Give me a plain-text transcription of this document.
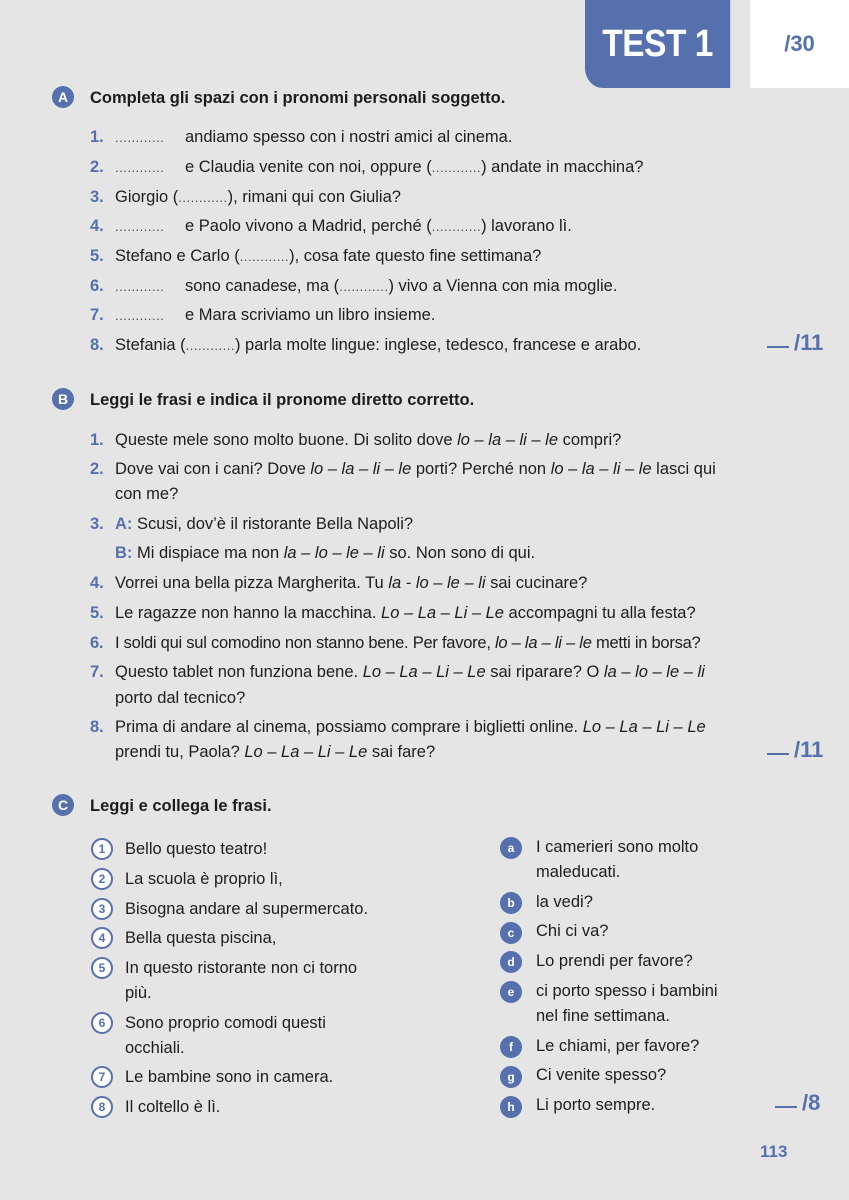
TEST 1	/30
A	Completa gli spazi con i pronomi personali soggetto.
1. ............ andiamo spesso con i nostri amici al cinema.
2. ............ e Claudia venite con noi, oppure (............) andate in macchina?
3. Giorgio (............), rimani qui con Giulia?
4. ............ e Paolo vivono a Madrid, perché (............) lavorano lì.
5. Stefano e Carlo (............), cosa fate questo fine settimana?
6. ............ sono canadese, ma (............) vivo a Vienna con mia moglie.
7. ............ e Mara scriviamo un libro insieme.
8. Stefania (............) parla molte lingue: inglese, tedesco, francese e arabo.	/11
B	Leggi le frasi e indica il pronome diretto corretto.
1. Queste mele sono molto buone. Di solito dove lo – la – li – le compri?
2. Dove vai con i cani? Dove lo – la – li – le porti? Perché non lo – la – li – le lasci qui
con me?
3. A: Scusi, dov’è il ristorante Bella Napoli?
B: Mi dispiace ma non la – lo – le – li so. Non sono di qui.
4. Vorrei una bella pizza Margherita. Tu la - lo – le – li sai cucinare?
5. Le ragazze non hanno la macchina. Lo – La – Li – Le accompagni tu alla festa?
6. I soldi qui sul comodino non stanno bene. Per favore, lo – la – li – le metti in borsa?
7. Questo tablet non funziona bene. Lo – La – Li – Le sai riparare? O la – lo – le – li
porto dal tecnico?
8. Prima di andare al cinema, possiamo comprare i biglietti online. Lo – La – Li – Le
prendi tu, Paola? Lo – La – Li – Le sai fare?	/11
C	Leggi e collega le frasi.
1	Bello questo teatro!
2	La scuola è proprio lì,
3	Bisogna andare al supermercato.
4	Bella questa piscina,
5	In questo ristorante non ci torno
più.
6	Sono proprio comodi questi
occhiali.
7	Le bambine sono in camera.
8	Il coltello è lì.
a	I camerieri sono molto
maleducati.
b	la vedi?
c	Chi ci va?
d	Lo prendi per favore?
e	ci porto spesso i bambini
nel fine settimana.
f	Le chiami, per favore?
g	Ci venite spesso?
h	Li porto sempre.	/8
113
